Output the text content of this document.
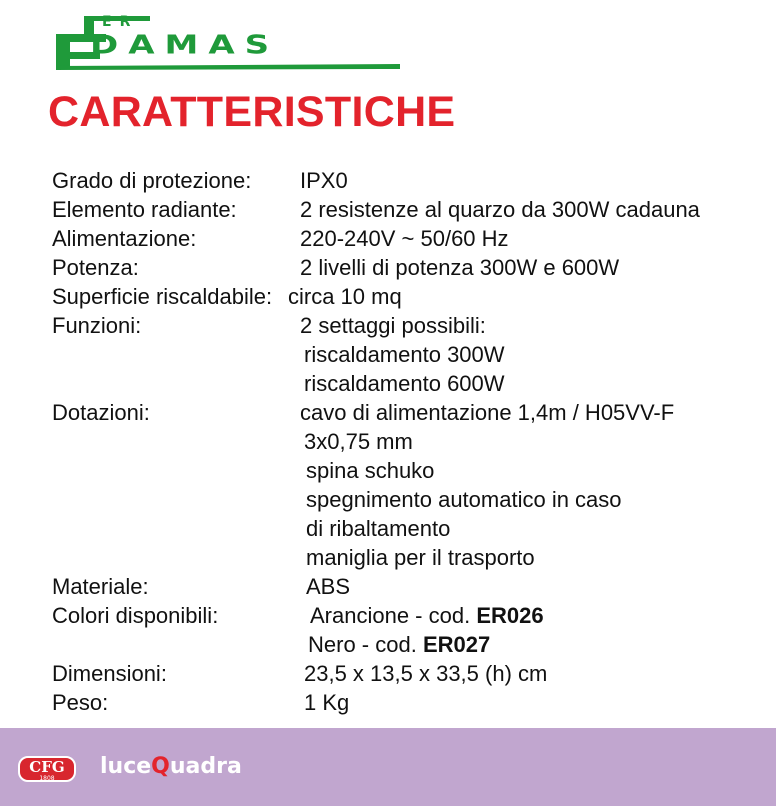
ER
DAMAS
CARATTERISTICHE
Grado di protezione:	IPX0
Elemento radiante:	2 resistenze al quarzo da 300W cadauna
Alimentazione:	220-240V ~ 50/60 Hz
Potenza:	2 livelli di potenza 300W e 600W
Superficie riscaldabile: circa 10 mq
Funzioni:	2 settaggi possibili:
riscaldamento 300W
riscaldamento 600W
Dotazioni:	cavo di alimentazione 1,4m / H05VV-F
3x0,75 mm
spina schuko
spegnimento automatico in caso
di ribaltamento
maniglia per il trasporto
Materiale:	ABS
Colori disponibili:	Arancione - cod. ER026
Nero - cod. ER027
Dimensioni:	23,5 x 13,5 x 33,5 (h) cm
Peso:	1 Kg
CFG
1808	luceQuadra
